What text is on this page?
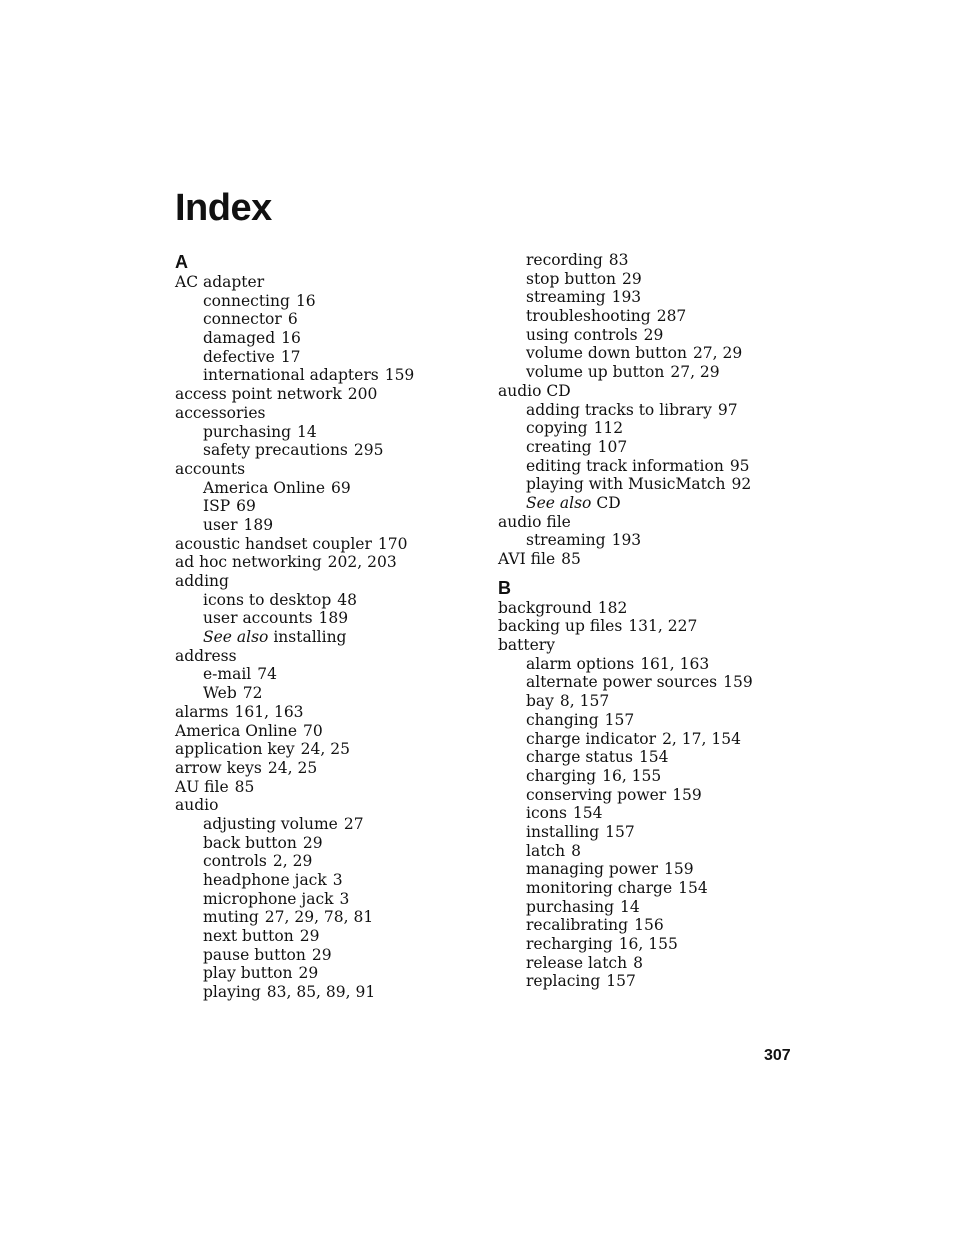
Index
A
AC adapter
connecting 16
connector 6
damaged 16
defective 17
international adapters 159
access point network 200
accessories
purchasing 14
safety precautions 295
accounts
America Online 69
ISP 69
user 189
acoustic handset coupler 170
ad hoc networking 202, 203
adding
icons to desktop 48
user accounts 189
See also installing
address
e-mail 74
Web 72
alarms 161, 163
America Online 70
application key 24, 25
arrow keys 24, 25
AU file 85
audio
adjusting volume 27
back button 29
controls 2, 29
headphone jack 3
microphone jack 3
muting 27, 29, 78, 81
next button 29
pause button 29
play button 29
playing 83, 85, 89, 91
recording 83
stop button 29
streaming 193
troubleshooting 287
using controls 29
volume down button 27, 29
volume up button 27, 29
audio CD
adding tracks to library 97
copying 112
creating 107
editing track information 95
playing with MusicMatch 92
See also CD
audio file
streaming 193
AVI file 85
B
background 182
backing up files 131, 227
battery
alarm options 161, 163
alternate power sources 159
bay 8, 157
changing 157
charge indicator 2, 17, 154
charge status 154
charging 16, 155
conserving power 159
icons 154
installing 157
latch 8
managing power 159
monitoring charge 154
purchasing 14
recalibrating 156
recharging 16, 155
release latch 8
replacing 157
307
